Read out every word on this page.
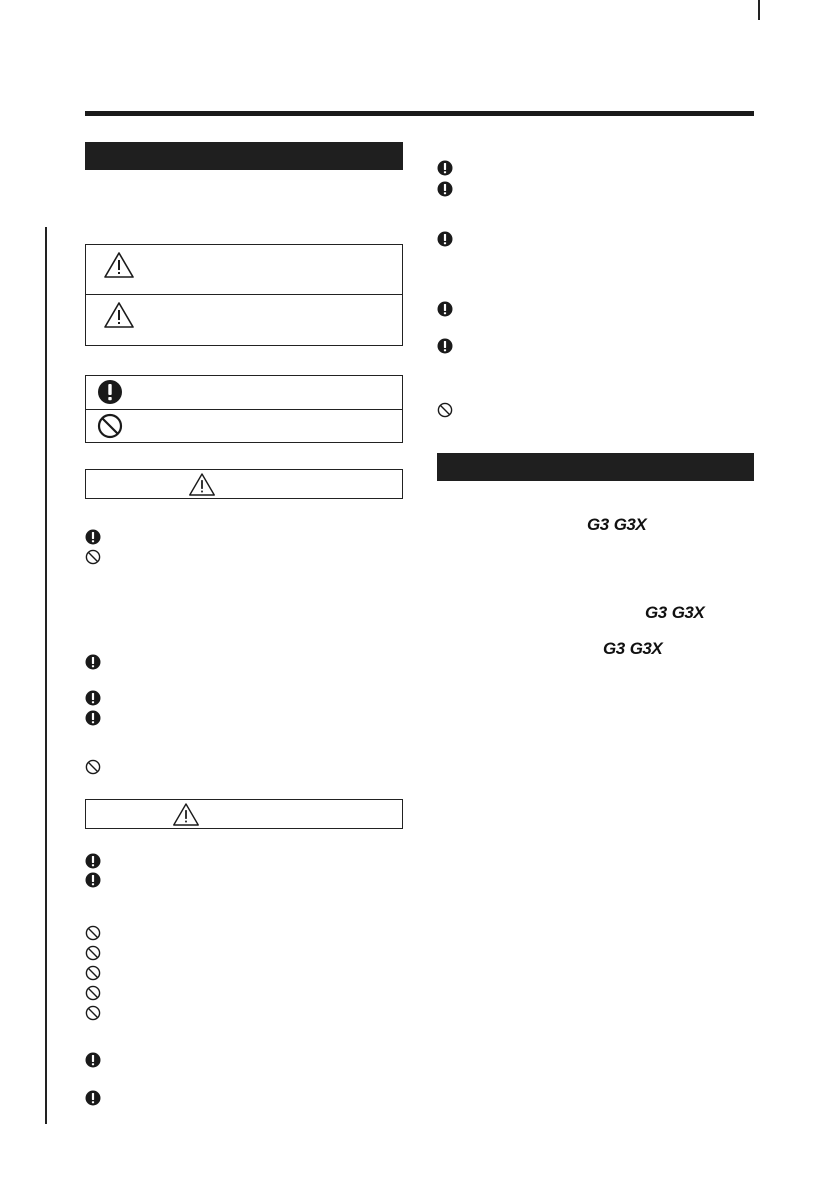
G3 G3X
G3 G3X
G3 G3X
